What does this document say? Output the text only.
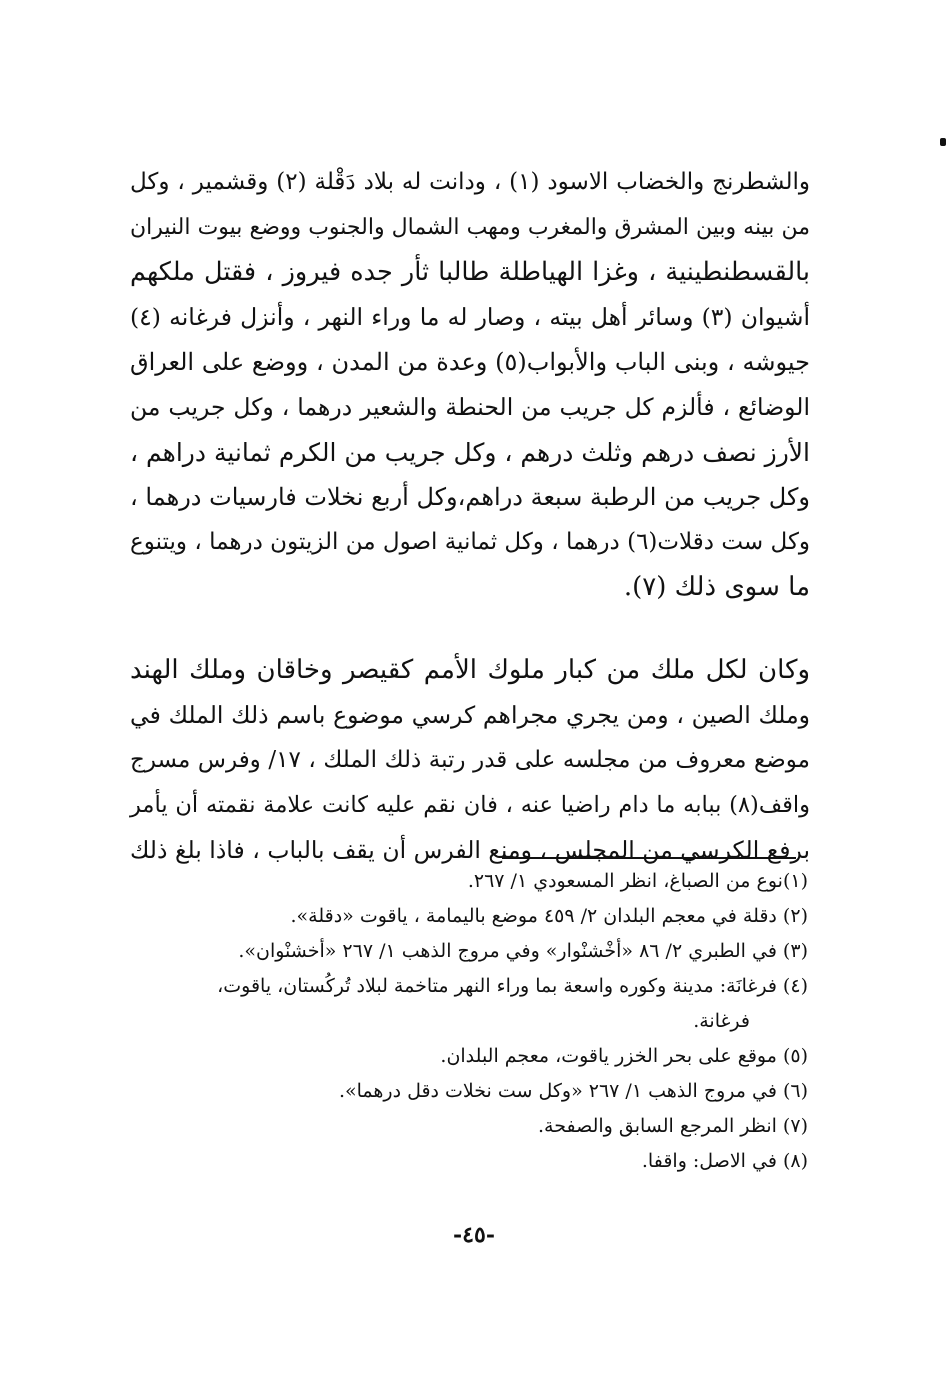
والشطرنج والخضاب الاسود (١) ، ودانت له بلاد دَقْلة (٢) وقشمير ، وكل
من بينه وبين المشرق والمغرب ومهب الشمال والجنوب ووضع بيوت النيران
بالقسطنطينية ، وغزا الهياطلة طالبا ثأر جده فيروز ، فقتل ملكهم
أشيوان (٣) وسائر أهل بيته ، وصار له ما وراء النهر ، وأنزل فرغانه (٤)
جيوشه ، وبنى الباب والأبواب(٥) وعدة من المدن ، ووضع على العراق
الوضائع ، فألزم كل جريب من الحنطة والشعير درهما ، وكل جريب من
الأرز نصف درهم وثلث درهم ، وكل جريب من الكرم ثمانية دراهم ،
وكل جريب من الرطبة سبعة دراهم،وكل أربع نخلات فارسيات درهما ،
وكل ست دقلات(٦) درهما ، وكل ثمانية اصول من الزيتون درهما ، ويتنوع
ما سوى ذلك (٧).
وكان لكل ملك من كبار ملوك الأمم كقيصر وخاقان وملك الهند
وملك الصين ، ومن يجري مجراهم كرسي موضوع باسم ذلك الملك في
موضع معروف من مجلسه على قدر رتبة ذلك الملك ، ١٧/ وفرس مسرج
واقف(٨) ببابه ما دام راضيا عنه ، فان نقم عليه كانت علامة نقمته أن يأمر
برفع الكرسي من المجلس ، ومنع الفرس أن يقف بالباب ، فاذا بلغ ذلك
(١)نوع من الصباغ، انظر المسعودي ١/ ٢٦٧.
(٢) دقلة في معجم البلدان ٢/ ٤٥٩ موضع باليمامة ، ياقوت «دقلة».
(٣) في الطبري ٢/ ٨٦ «أخْشنْوار» وفي مروج الذهب ١/ ٢٦٧ «أخشنْوان».
(٤) فرغانَة: مدينة وكوره واسعة بما وراء النهر متاخمة لبلاد تُركُستان، ياقوت،
فرغانة.
(٥) موقع على بحر الخزر ياقوت، معجم البلدان.
(٦) في مروج الذهب ١/ ٢٦٧ «وكل ست نخلات دقل درهما».
(٧) انظر المرجع السابق والصفحة.
(٨) في الاصل: واقفا.
-٤٥-
